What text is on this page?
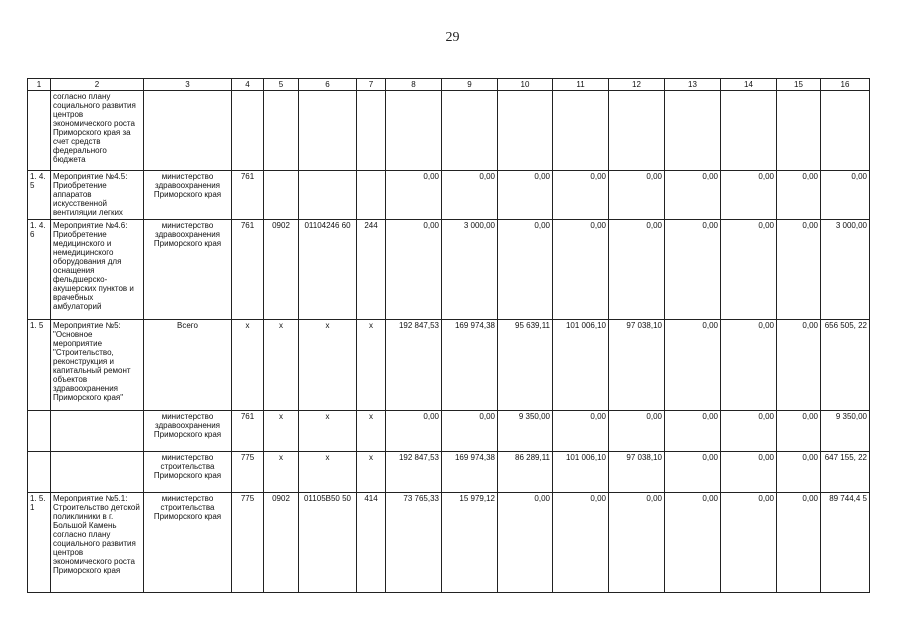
29
1	2	3	4	5	6	7	8	9	10	11	12	13	14	15	16
	согласно плану социального развития центров экономического роста Приморского края за счет средств федерального бюджета														
1. 4. 5	Мероприятие №4.5: Приобретение аппаратов искусственной вентиляции легких	министерство здравоохранения Приморского края	761				0,00	0,00	0,00	0,00	0,00	0,00	0,00	0,00	0,00
1. 4. 6	Мероприятие №4.6: Приобретение медицинского и немедицинского оборудования для оснащения фельдшерско-акушерских пунктов и врачебных амбулаторий	министерство здравоохранения Приморского края	761	0902	01104246 60	244	0,00	3 000,00	0,00	0,00	0,00	0,00	0,00	0,00	3 000,00
1. 5	Мероприятие №5: "Основное мероприятие "Строительство, реконструкция и капитальный ремонт объектов здравоохранения Приморского края"	Всего	x	x	x	x	192 847,53	169 974,38	95 639,11	101 006,10	97 038,10	0,00	0,00	0,00	656 505, 22
		министерство здравоохранения Приморского края	761	x	x	x	0,00	0,00	9 350,00	0,00	0,00	0,00	0,00	0,00	9 350,00
		министерство строительства Приморского края	775	x	x	x	192 847,53	169 974,38	86 289,11	101 006,10	97 038,10	0,00	0,00	0,00	647 155, 22
1. 5. 1	Мероприятие №5.1: Строительство детской поликлиники в г. Большой Камень согласно плану социального развития центров экономического роста Приморского края	министерство строительства Приморского края	775	0902	01105B50 50	414	73 765,33	15 979,12	0,00	0,00	0,00	0,00	0,00	0,00	89 744,4 5
